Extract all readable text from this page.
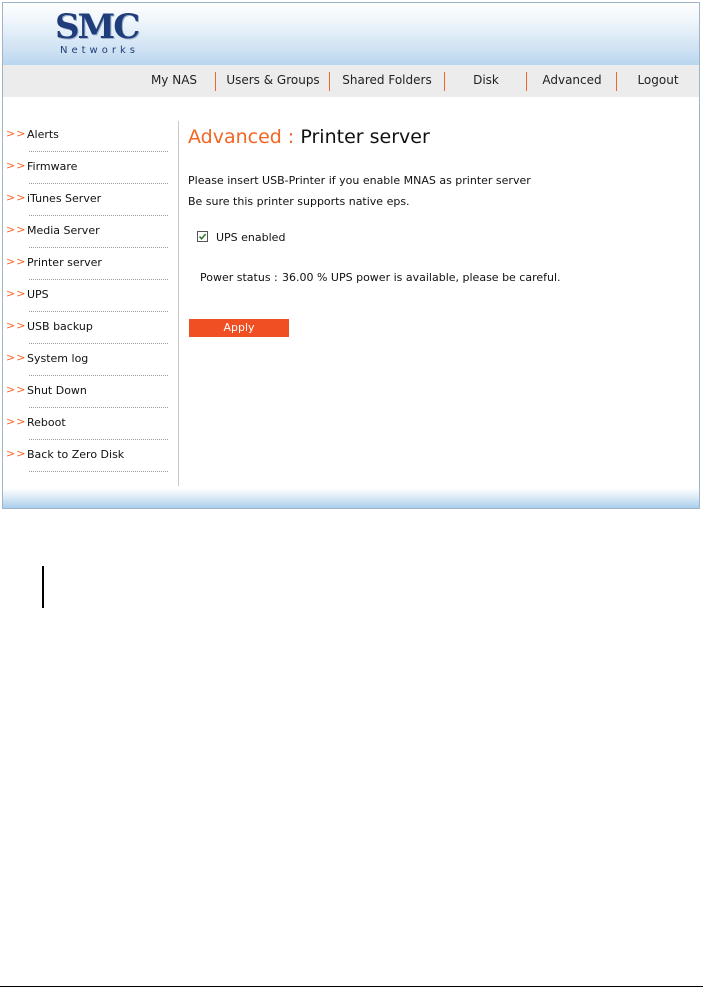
SMC
Networks
My NAS	Users & Groups	Shared Folders	Disk	Advanced	Logout
>> Alerts
>> Firmware
>> iTunes Server
>> Media Server
>> Printer server
>> UPS
>> USB backup
>> System log
>> Shut Down
>> Reboot
>> Back to Zero Disk
Advanced : Printer server
Please insert USB-Printer if you enable MNAS as printer server
Be sure this printer supports native eps.
UPS enabled
Power status : 36.00 % UPS power is available, please be careful.
Apply
